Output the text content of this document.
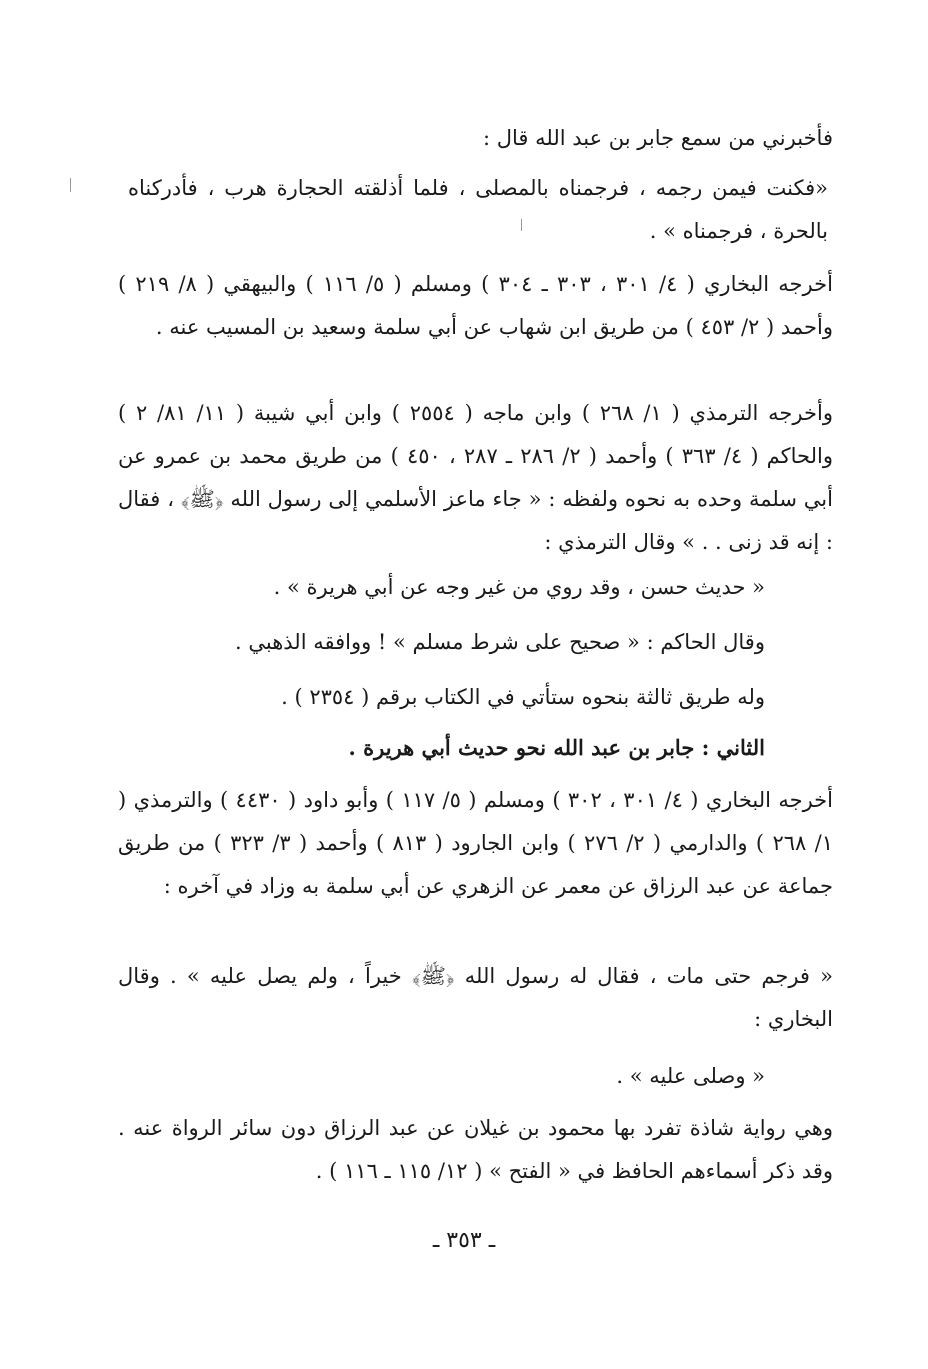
فأخبرني من سمع جابر بن عبد الله قال :
«فكنت فيمن رجمه ، فرجمناه بالمصلى ، فلما أذلقته الحجارة هرب ، فأدركناه بالحرة ، فرجمناه » .
أخرجه البخاري ( ٤/ ٣٠١ ، ٣٠٣ ـ ٣٠٤ ) ومسلم ( ٥/ ١١٦ ) والبيهقي ( ٨/ ٢١٩ ) وأحمد ( ٢/ ٤٥٣ ) من طريق ابن شهاب عن أبي سلمة وسعيد بن المسيب عنه .
وأخرجه الترمذي ( ١/ ٢٦٨ ) وابن ماجه ( ٢٥٥٤ ) وابن أبي شيبة ( ١١/ ٨١/ ٢ ) والحاكم ( ٤/ ٣٦٣ ) وأحمد ( ٢/ ٢٨٦ ـ ٢٨٧ ، ٤٥٠ ) من طريق محمد بن عمرو عن أبي سلمة وحده به نحوه ولفظه : « جاء ماعز الأسلمي إلى رسول الله ﴿ﷺ﴾ ، فقال : إنه قد زنى . . » وقال الترمذي :
« حديث حسن ، وقد روي من غير وجه عن أبي هريرة » .
وقال الحاكم : « صحيح على شرط مسلم » ! ووافقه الذهبي .
وله طريق ثالثة بنحوه ستأتي في الكتاب برقم ( ٢٣٥٤ ) .
الثاني : جابر بن عبد الله نحو حديث أبي هريرة .
أخرجه البخاري ( ٤/ ٣٠١ ، ٣٠٢ ) ومسلم ( ٥/ ١١٧ ) وأبو داود ( ٤٤٣٠ ) والترمذي ( ١/ ٢٦٨ ) والدارمي ( ٢/ ٢٧٦ ) وابن الجارود ( ٨١٣ ) وأحمد ( ٣/ ٣٢٣ ) من طريق جماعة عن عبد الرزاق عن معمر عن الزهري عن أبي سلمة به وزاد في آخره :
« فرجم حتى مات ، فقال له رسول الله ﴿ﷺ﴾ خيراً ، ولم يصل عليه » . وقال البخاري :
« وصلى عليه » .
وهي رواية شاذة تفرد بها محمود بن غيلان عن عبد الرزاق دون سائر الرواة عنه . وقد ذكر أسماءهم الحافظ في « الفتح » ( ١٢/ ١١٥ ـ ١١٦ ) .
ـ ٣٥٣ ـ
